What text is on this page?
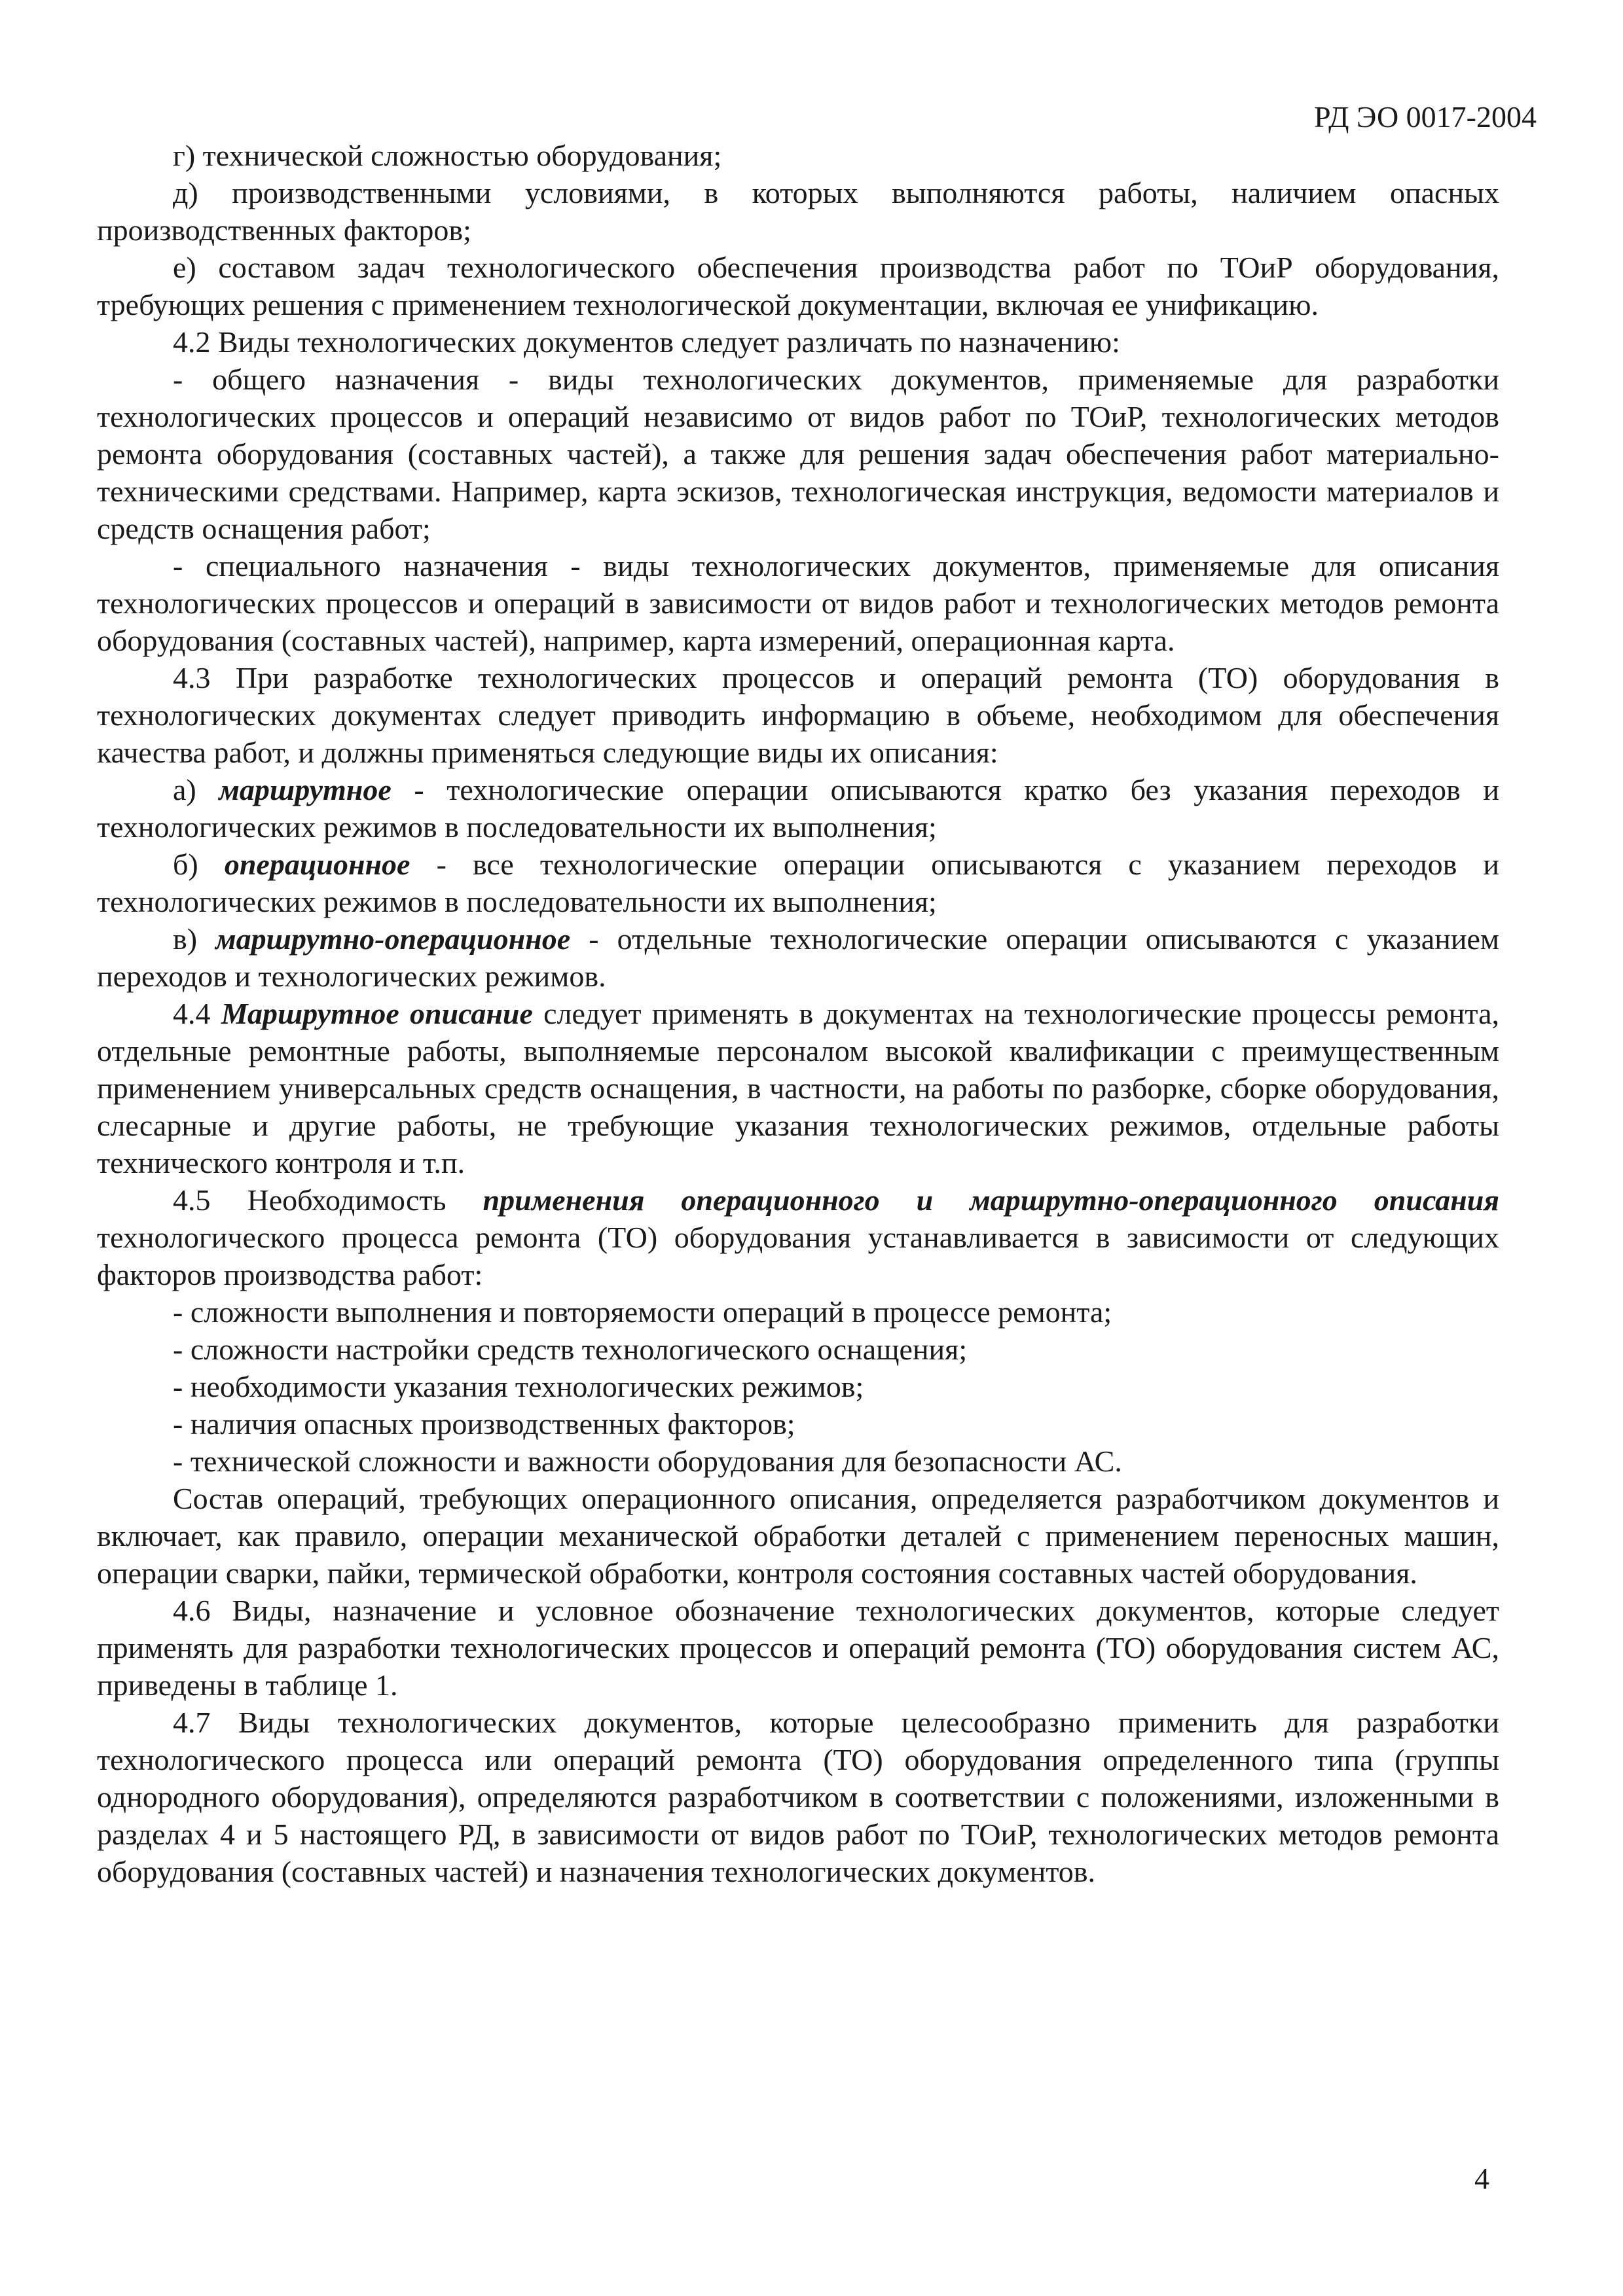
РД ЭО 0017-2004

г) технической сложностью оборудования;

д) производственными условиями, в которых выполняются работы, наличием опасных производственных факторов;

е) составом задач технологического обеспечения производства работ по ТОиР оборудования, требующих решения с применением технологической документации, включая ее унификацию.

4.2 Виды технологических документов следует различать по назначению:

- общего назначения - виды технологических документов, применяемые для разработки технологических процессов и операций независимо от видов работ по ТОиР, технологических методов ремонта оборудования (составных частей), а также для решения задач обеспечения работ материально-техническими средствами. Например, карта эскизов, технологическая инструкция, ведомости материалов и средств оснащения работ;

- специального назначения - виды технологических документов, применяемые для описания технологических процессов и операций в зависимости от видов работ и технологических методов ремонта оборудования (составных частей), например, карта измерений, операционная карта.

4.3 При разработке технологических процессов и операций ремонта (ТО) оборудования в технологических документах следует приводить информацию в объеме, необходимом для обеспечения качества работ, и должны применяться следующие виды их описания:

а) маршрутное - технологические операции описываются кратко без указания переходов и технологических режимов в последовательности их выполнения;

б) операционное - все технологические операции описываются с указанием переходов и технологических режимов в последовательности их выполнения;

в) маршрутно-операционное - отдельные технологические операции описываются с указанием переходов и технологических режимов.

4.4 Маршрутное описание следует применять в документах на технологические процессы ремонта, отдельные ремонтные работы, выполняемые персоналом высокой квалификации с преимущественным применением универсальных средств оснащения, в частности, на работы по разборке, сборке оборудования, слесарные и другие работы, не требующие указания технологических режимов, отдельные работы технического контроля и т.п.

4.5 Необходимость применения операционного и маршрутно-операционного описания технологического процесса ремонта (ТО) оборудования устанавливается в зависимости от следующих факторов производства работ:

- сложности выполнения и повторяемости операций в процессе ремонта;

- сложности настройки средств технологического оснащения;

- необходимости указания технологических режимов;

- наличия опасных производственных факторов;

- технической сложности и важности оборудования для безопасности АС.

Состав операций, требующих операционного описания, определяется разработчиком документов и включает, как правило, операции механической обработки деталей с применением переносных машин, операции сварки, пайки, термической обработки, контроля состояния составных частей оборудования.

4.6 Виды, назначение и условное обозначение технологических документов, которые следует применять для разработки технологических процессов и операций ремонта (ТО) оборудования систем АС, приведены в таблице 1.

4.7 Виды технологических документов, которые целесообразно применить для разработки технологического процесса или операций ремонта (ТО) оборудования определенного типа (группы однородного оборудования), определяются разработчиком в соответствии с положениями, изложенными в разделах 4 и 5 настоящего РД, в зависимости от видов работ по ТОиР, технологических методов ремонта оборудования (составных частей) и назначения технологических документов.

4
